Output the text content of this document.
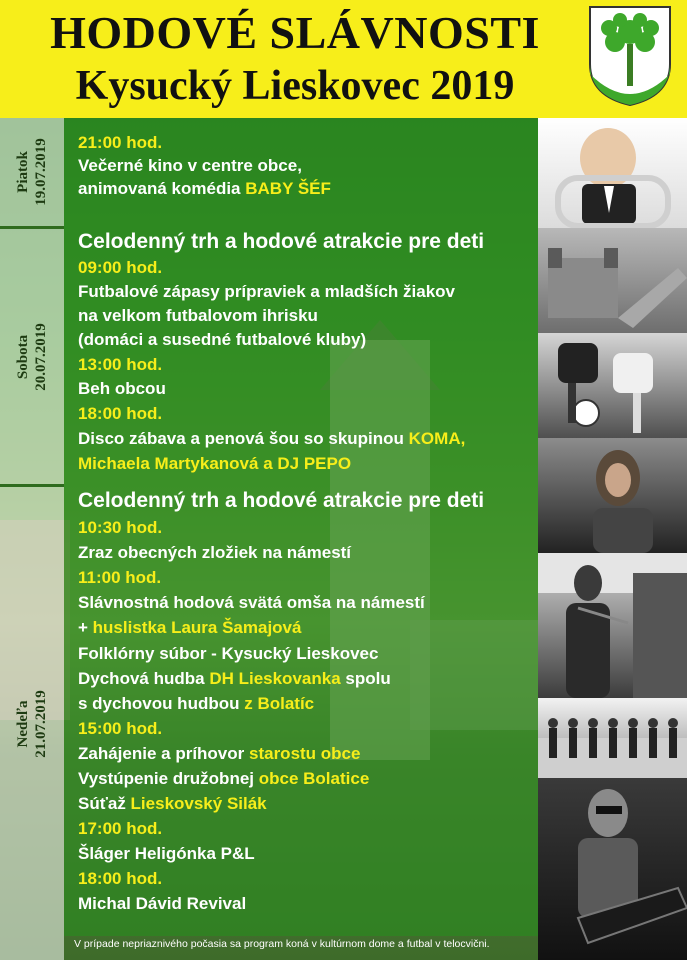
HODOVÉ SLÁVNOSTI
Kysucký Lieskovec 2019
Piatok 19.07.2019
Sobota 20.07.2019
Nedeľa 21.07.2019
21:00 hod.
Večerné kino v centre obce,
animovaná komédia BABY ŠÉF
Celodenný trh a hodové atrakcie pre deti
09:00 hod.
Futbalové zápasy prípraviek a mladších žiakov
na velkom futbalovom ihrisku
(domáci a susedné futbalové kluby)
13:00 hod.
Beh obcou
18:00 hod.
Disco zábava a penová šou so skupinou KOMA,
Michaela Martykanová a DJ PEPO
Celodenný trh a hodové atrakcie pre deti
10:30 hod.
Zraz obecných zložiek na námestí
11:00 hod.
Slávnostná hodová svätá omša na námestí
+ huslistka Laura Šamajová
Folklórny súbor - Kysucký Lieskovec
Dychová hudba DH Lieskovanka spolu
s dychovou hudbou z Bolatíc
15:00 hod.
Zahájenie a príhovor starostu obce
Vystúpenie družobnej obce Bolatice
Súťaž Lieskovský Silák
17:00 hod.
Šláger Heligónka P&L
18:00 hod.
Michal Dávid Revival
V prípade nepriaznivého počasia sa program koná v kultúrnom dome a futbal v telocvični.
